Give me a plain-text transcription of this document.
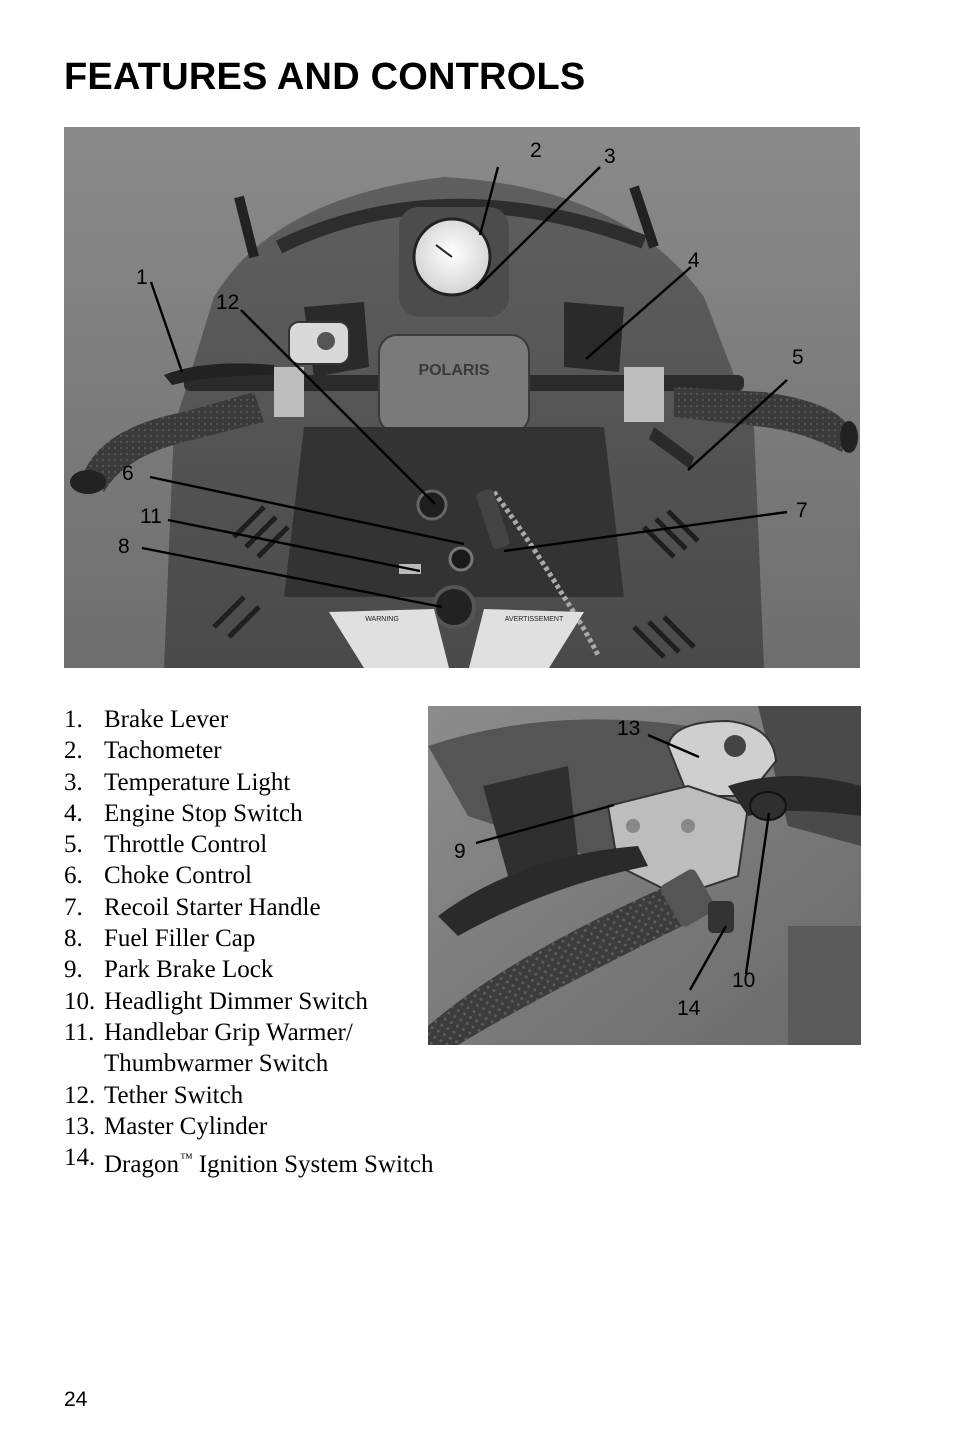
FEATURES AND CONTROLS
POLARIS
WARNING	AVERTISSEMENT
2	3
4
5
1
12
6
11
8
7
13
9
10
14
1. Brake Lever
2. Tachometer
3. Temperature Light
4. Engine Stop Switch
5. Throttle Control
6. Choke Control
7. Recoil Starter Handle
8. Fuel Filler Cap
9. Park Brake Lock
10. Headlight Dimmer Switch
11. Handlebar Grip Warmer/
Thumbwarmer Switch
12. Tether Switch
13. Master Cylinder
14. Dragon™ Ignition System Switch
24
